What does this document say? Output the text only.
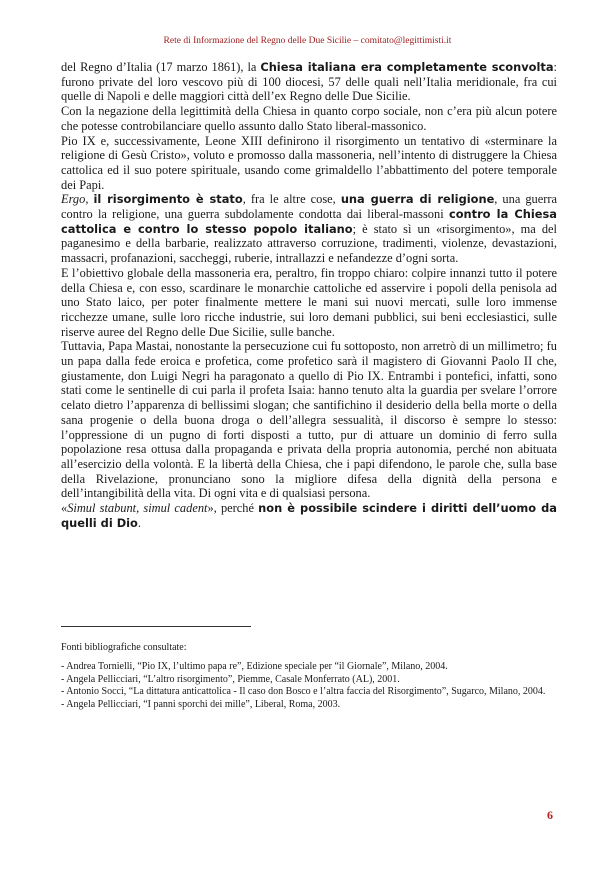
Rete di Informazione del Regno delle Due Sicilie – comitato@legittimisti.it

del Regno d’Italia (17 marzo 1861), la Chiesa italiana era completamente sconvolta: furono private del loro vescovo più di 100 diocesi, 57 delle quali nell’Italia meridionale, fra cui quelle di Napoli e delle maggiori città dell’ex Regno delle Due Sicilie.

Con la negazione della legittimità della Chiesa in quanto corpo sociale, non c’era più alcun potere che potesse controbilanciare quello assunto dallo Stato liberal-massonico.

Pio IX e, successivamente, Leone XIII definirono il risorgimento un tentativo di «sterminare la religione di Gesù Cristo», voluto e promosso dalla massoneria, nell’intento di distruggere la Chiesa cattolica ed il suo potere spirituale, usando come grimaldello l’abbattimento del potere temporale dei Papi.

Ergo, il risorgimento è stato, fra le altre cose, una guerra di religione, una guerra contro la religione, una guerra subdolamente condotta dai liberal-massoni contro la Chiesa cattolica e contro lo stesso popolo italiano; è stato sì un «risorgimento», ma del paganesimo e della barbarie, realizzato attraverso corruzione, tradimenti, violenze, devastazioni, massacri, profanazioni, saccheggi, ruberie, intrallazzi e nefandezze d’ogni sorta.

E l’obiettivo globale della massoneria era, peraltro, fin troppo chiaro: colpire innanzi tutto il potere della Chiesa e, con esso, scardinare le monarchie cattoliche ed asservire i popoli della penisola ad uno Stato laico, per poter finalmente mettere le mani sui nuovi mercati, sulle loro immense ricchezze umane, sulle loro ricche industrie, sui loro demani pubblici, sui beni ecclesiastici, sulle riserve auree del Regno delle Due Sicilie, sulle banche.

Tuttavia, Papa Mastai, nonostante la persecuzione cui fu sottoposto, non arretrò di un millimetro; fu un papa dalla fede eroica e profetica, come profetico sarà il magistero di Giovanni Paolo II che, giustamente, don Luigi Negri ha paragonato a quello di Pio IX. Entrambi i pontefici, infatti, sono stati come le sentinelle di cui parla il profeta Isaia: hanno tenuto alta la guardia per svelare l’orrore celato dietro l’apparenza di bellissimi slogan; che santifichino il desiderio della bella morte o della sana progenie o della buona droga o dell’allegra sessualità, il discorso è sempre lo stesso: l’oppressione di un pugno di forti disposti a tutto, pur di attuare un dominio di ferro sulla popolazione resa ottusa dalla propaganda e privata della propria autonomia, perché non abituata all’esercizio della volontà. E la libertà della Chiesa, che i papi difendono, le parole che, sulla base della Rivelazione, pronunciano sono la migliore difesa della dignità della persona e dell’intangibilità della vita. Di ogni vita e di qualsiasi persona.

«Simul stabunt, simul cadent», perché non è possibile scindere i diritti dell’uomo da quelli di Dio.

Fonti bibliografiche consultate:
- Andrea Tornielli, “Pio IX, l’ultimo papa re”, Edizione speciale per “il Giornale”, Milano, 2004.
- Angela Pellicciari, “L’altro risorgimento”, Piemme, Casale Monferrato (AL), 2001.
- Antonio Socci, “La dittatura anticattolica - Il caso don Bosco e l’altra faccia del Risorgimento”, Sugarco, Milano, 2004.
- Angela Pellicciari, “I panni sporchi dei mille”, Liberal, Roma, 2003.
6
